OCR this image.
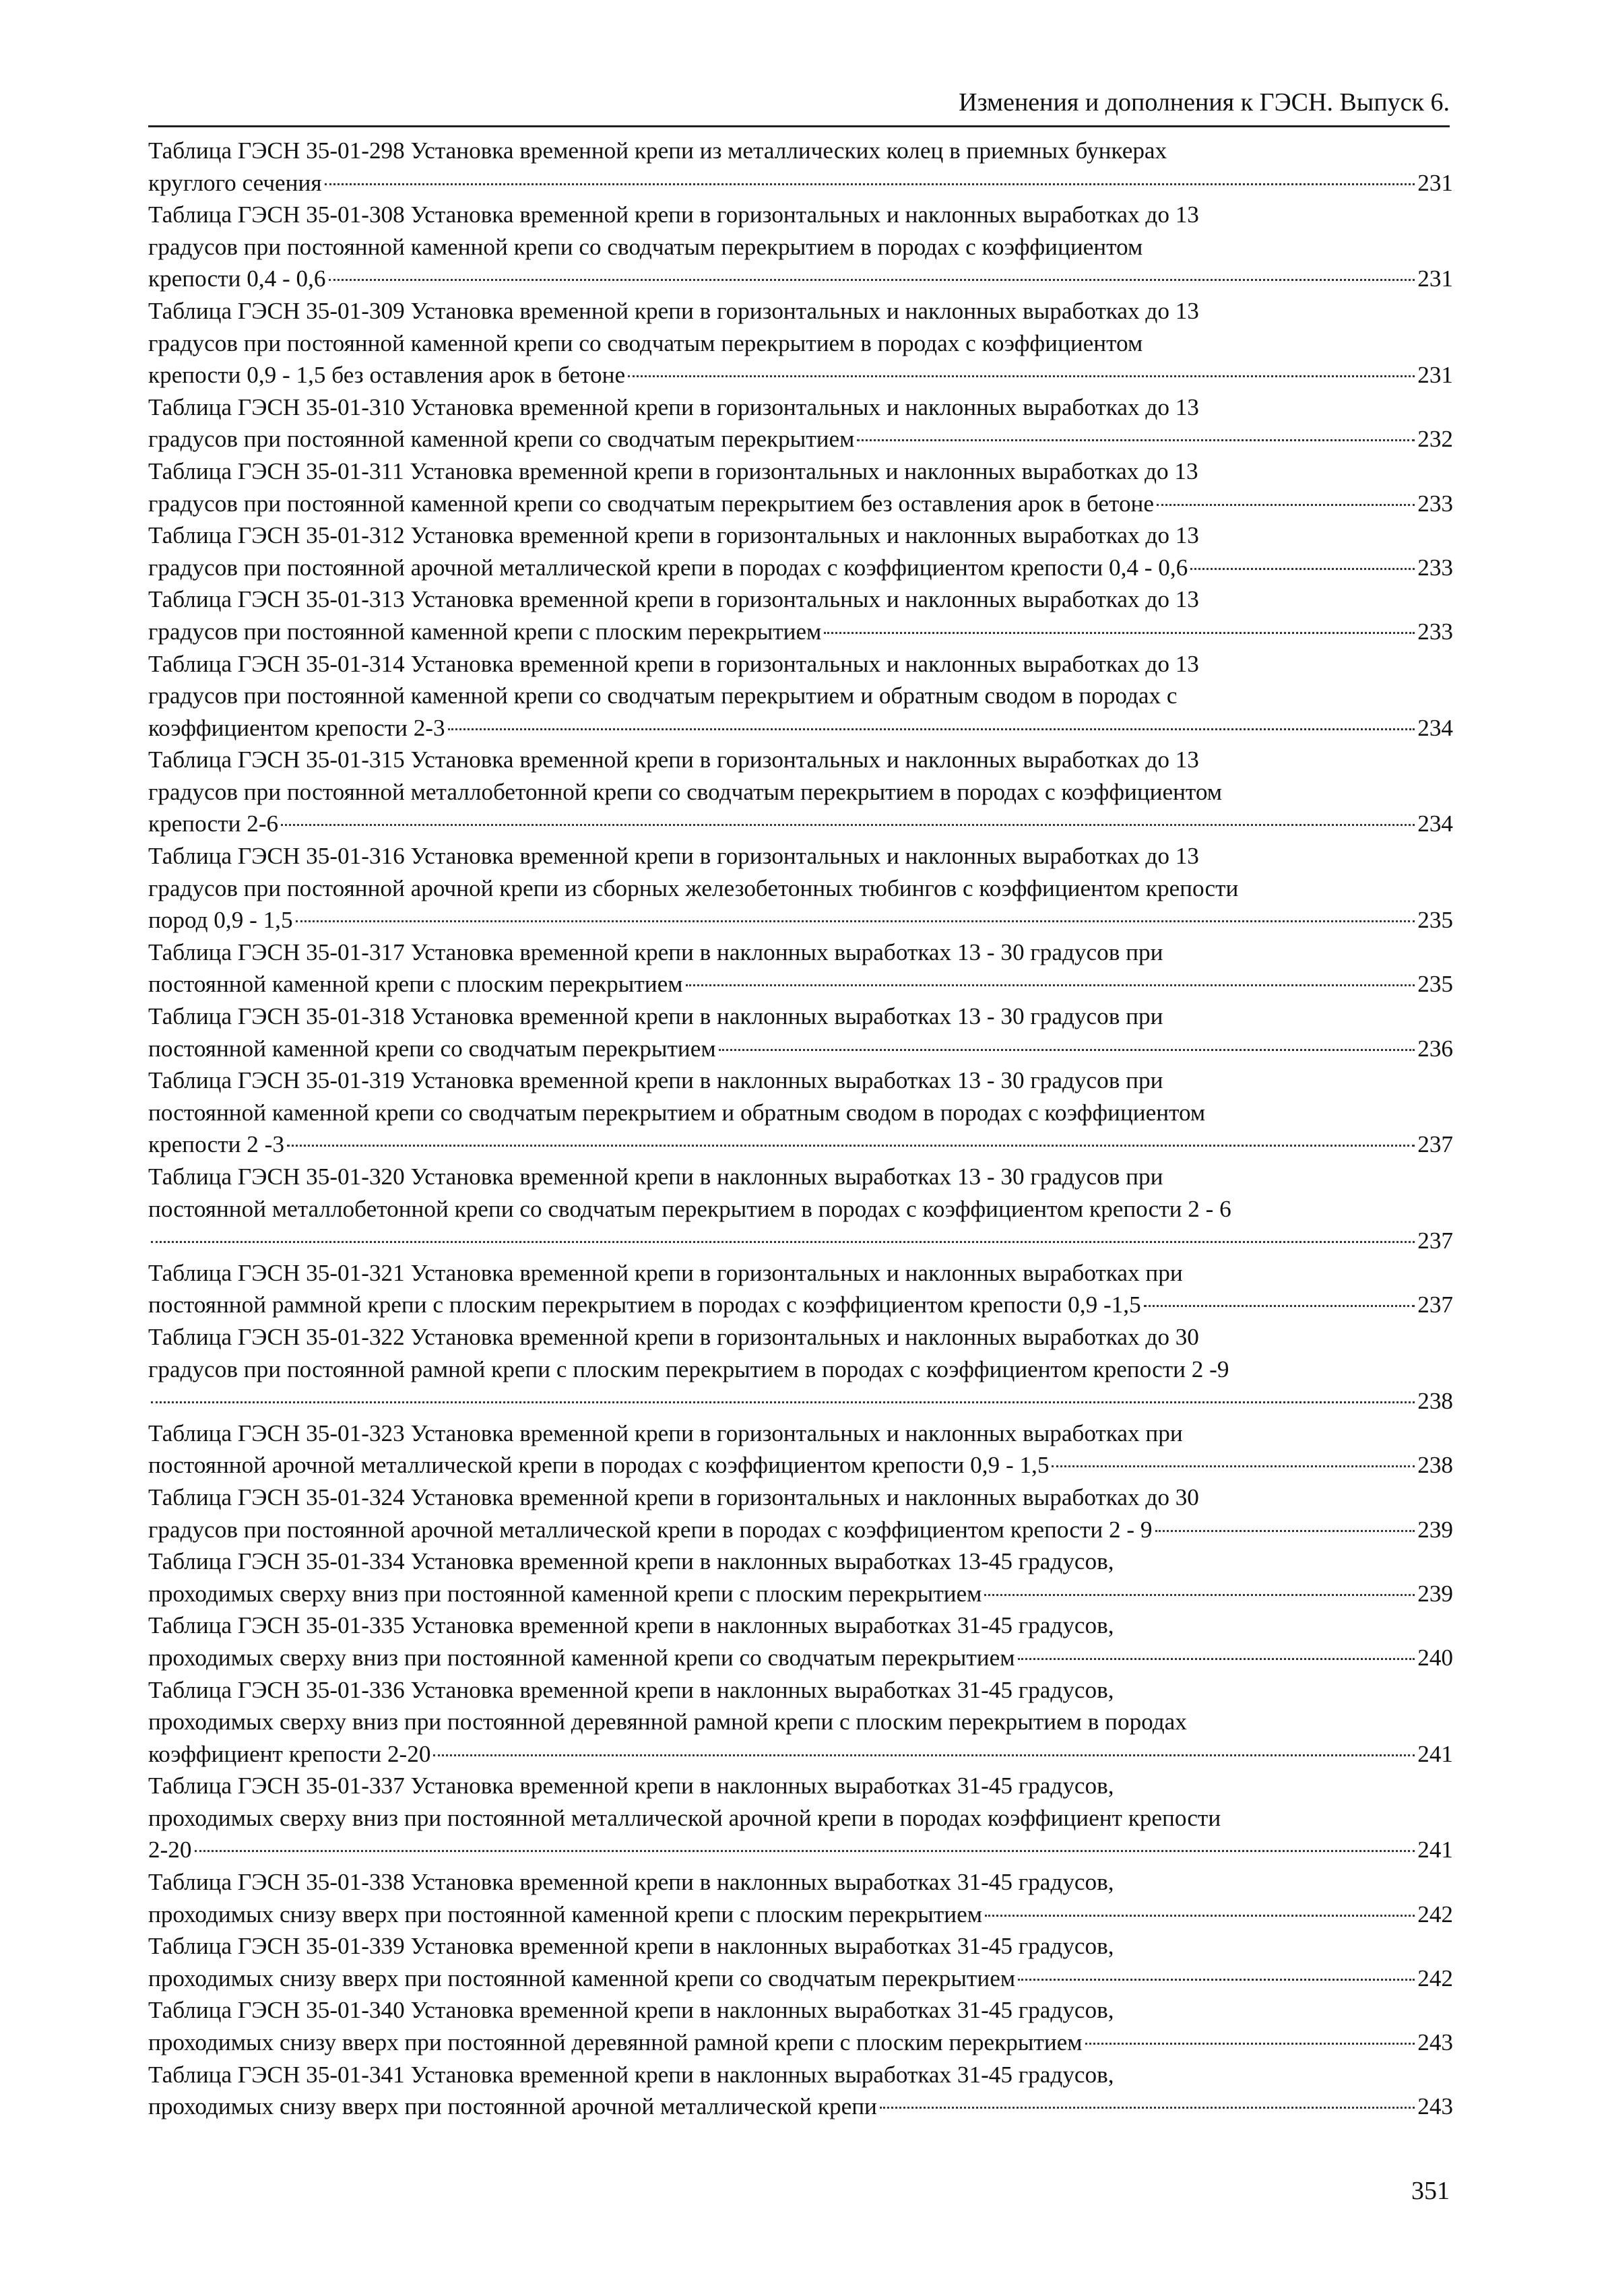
Изменения и дополнения к ГЭСН. Выпуск 6.
Таблица ГЭСН 35-01-298 Установка временной крепи из металлических колец в приемных бункерах
круглого сечения	231
Таблица ГЭСН 35-01-308 Установка временной крепи в горизонтальных и наклонных выработках до 13
градусов при постоянной каменной крепи со сводчатым перекрытием в породах с коэффициентом
крепости 0,4 - 0,6	231
Таблица ГЭСН 35-01-309 Установка временной крепи в горизонтальных и наклонных выработках до 13
градусов при постоянной каменной крепи со сводчатым перекрытием в породах с коэффициентом
крепости 0,9 - 1,5 без оставления арок в бетоне	231
Таблица ГЭСН 35-01-310 Установка временной крепи в горизонтальных и наклонных выработках до 13
градусов при постоянной каменной крепи со сводчатым перекрытием	232
Таблица ГЭСН 35-01-311 Установка временной крепи в горизонтальных и наклонных выработках до 13
градусов при постоянной каменной крепи со сводчатым перекрытием без оставления арок в бетоне	233
Таблица ГЭСН 35-01-312 Установка временной крепи в горизонтальных и наклонных выработках до 13
градусов при постоянной арочной металлической крепи в породах с коэффициентом крепости 0,4 - 0,6	233
Таблица ГЭСН 35-01-313 Установка временной крепи в горизонтальных и наклонных выработках до 13
градусов при постоянной каменной крепи с плоским перекрытием	233
Таблица ГЭСН 35-01-314 Установка временной крепи в горизонтальных и наклонных выработках до 13
градусов при постоянной каменной крепи со сводчатым перекрытием и обратным сводом в породах с
коэффициентом крепости 2-3	234
Таблица ГЭСН 35-01-315 Установка временной крепи в горизонтальных и наклонных выработках до 13
градусов при постоянной металлобетонной крепи со сводчатым перекрытием в породах с коэффициентом
крепости 2-6	234
Таблица ГЭСН 35-01-316 Установка временной крепи в горизонтальных и наклонных выработках до 13
градусов при постоянной арочной крепи из сборных железобетонных тюбингов с коэффициентом крепости
пород 0,9 - 1,5	235
Таблица ГЭСН 35-01-317 Установка временной крепи в наклонных выработках 13 - 30 градусов при
постоянной каменной крепи с плоским перекрытием	235
Таблица ГЭСН 35-01-318 Установка временной крепи в наклонных выработках 13 - 30 градусов при
постоянной каменной крепи со сводчатым перекрытием	236
Таблица ГЭСН 35-01-319 Установка временной крепи в наклонных выработках 13 - 30 градусов при
постоянной каменной крепи со сводчатым перекрытием и обратным сводом в породах с коэффициентом
крепости 2 -3	237
Таблица ГЭСН 35-01-320 Установка временной крепи в наклонных выработках 13 - 30 градусов при
постоянной металлобетонной крепи со сводчатым перекрытием в породах с коэффициентом крепости 2 - 6
237
Таблица ГЭСН 35-01-321 Установка временной крепи в горизонтальных и наклонных выработках при
постоянной раммной крепи с плоским перекрытием в породах с коэффициентом крепости 0,9 -1,5	237
Таблица ГЭСН 35-01-322 Установка временной крепи в горизонтальных и наклонных выработках до 30
градусов при постоянной рамной крепи с плоским перекрытием в породах с коэффициентом крепости 2 -9
238
Таблица ГЭСН 35-01-323 Установка временной крепи в горизонтальных и наклонных выработках при
постоянной арочной металлической крепи в породах с коэффициентом крепости 0,9 - 1,5	238
Таблица ГЭСН 35-01-324 Установка временной крепи в горизонтальных и наклонных выработках до 30
градусов при постоянной арочной металлической крепи в породах с коэффициентом крепости 2 - 9	239
Таблица ГЭСН 35-01-334 Установка временной крепи в наклонных выработках 13-45 градусов,
проходимых сверху вниз при постоянной каменной крепи с плоским перекрытием	239
Таблица ГЭСН 35-01-335 Установка временной крепи в наклонных выработках 31-45 градусов,
проходимых сверху вниз при постоянной каменной крепи со сводчатым перекрытием	240
Таблица ГЭСН 35-01-336 Установка временной крепи в наклонных выработках 31-45 градусов,
проходимых сверху вниз при постоянной деревянной рамной крепи с плоским перекрытием в породах
коэффициент крепости 2-20	241
Таблица ГЭСН 35-01-337 Установка временной крепи в наклонных выработках 31-45 градусов,
проходимых сверху вниз при постоянной металлической арочной крепи в породах коэффициент крепости
2-20	241
Таблица ГЭСН 35-01-338 Установка временной крепи в наклонных выработках 31-45 градусов,
проходимых снизу вверх при постоянной каменной крепи с плоским перекрытием	242
Таблица ГЭСН 35-01-339 Установка временной крепи в наклонных выработках 31-45 градусов,
проходимых снизу вверх при постоянной каменной крепи со сводчатым перекрытием	242
Таблица ГЭСН 35-01-340 Установка временной крепи в наклонных выработках 31-45 градусов,
проходимых снизу вверх при постоянной деревянной рамной крепи с плоским перекрытием	243
Таблица ГЭСН 35-01-341 Установка временной крепи в наклонных выработках 31-45 градусов,
проходимых снизу вверх при постоянной арочной металлической крепи	243
351
